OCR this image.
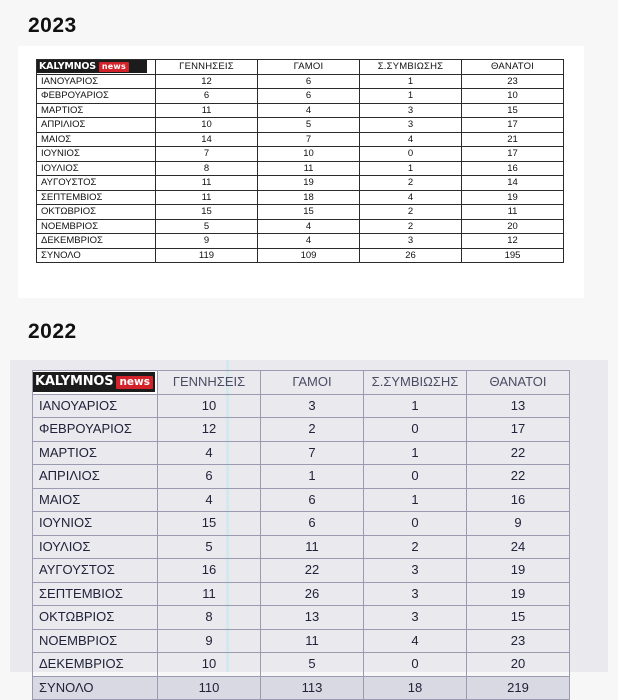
2023
KALYMNOS news	ΓΕΝΝΗΣΕΙΣ	ΓΑΜΟΙ	Σ.ΣΥΜΒΙΩΣΗΣ	ΘΑΝΑΤΟΙ
ΙΑΝΟΥΑΡΙΟΣ	12	6	1	23
ΦΕΒΡΟΥΑΡΙΟΣ	6	6	1	10
ΜΑΡΤΙΟΣ	11	4	3	15
ΑΠΡΙΛΙΟΣ	10	5	3	17
ΜΑΙΟΣ	14	7	4	21
ΙΟΥΝΙΟΣ	7	10	0	17
ΙΟΥΛΙΟΣ	8	11	1	16
ΑΥΓΟΥΣΤΟΣ	11	19	2	14
ΣΕΠΤΕΜΒΙΟΣ	11	18	4	19
ΟΚΤΩΒΡΙΟΣ	15	15	2	11
ΝΟΕΜΒΡΙΟΣ	5	4	2	20
ΔΕΚΕΜΒΡΙΟΣ	9	4	3	12
ΣΥΝΟΛΟ	119	109	26	195
2022
KALYMNOS news	ΓΕΝΝΗΣΕΙΣ	ΓΑΜΟΙ	Σ.ΣΥΜΒΙΩΣΗΣ	ΘΑΝΑΤΟΙ
ΙΑΝΟΥΑΡΙΟΣ	10	3	1	13
ΦΕΒΡΟΥΑΡΙΟΣ	12	2	0	17
ΜΑΡΤΙΟΣ	4	7	1	22
ΑΠΡΙΛΙΟΣ	6	1	0	22
ΜΑΙΟΣ	4	6	1	16
ΙΟΥΝΙΟΣ	15	6	0	9
ΙΟΥΛΙΟΣ	5	11	2	24
ΑΥΓΟΥΣΤΟΣ	16	22	3	19
ΣΕΠΤΕΜΒΙΟΣ	11	26	3	19
ΟΚΤΩΒΡΙΟΣ	8	13	3	15
ΝΟΕΜΒΡΙΟΣ	9	11	4	23
ΔΕΚΕΜΒΡΙΟΣ	10	5	0	20
ΣΥΝΟΛΟ	110	113	18	219
